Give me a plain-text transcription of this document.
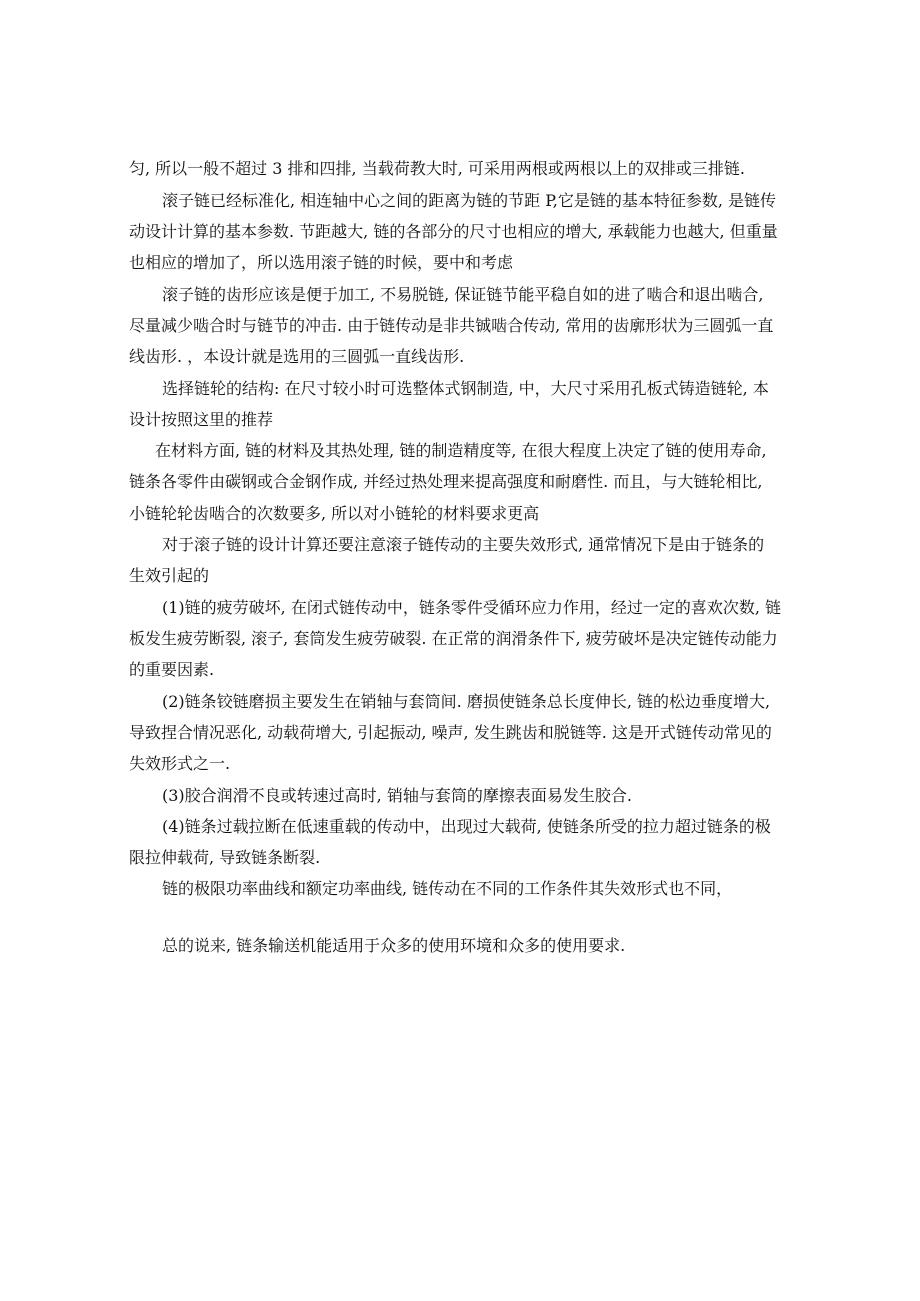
匀, 所以一般不超过 3 排和四排, 当载荷教大时, 可采用两根或两根以上的双排或三排链.
滚子链已经标准化, 相连轴中心之间的距离为链的节距 P,它是链的基本特征参数, 是链传
动设计计算的基本参数. 节距越大, 链的各部分的尺寸也相应的增大, 承载能力也越大, 但重量
也相应的增加了，所以选用滚子链的时候，要中和考虑
滚子链的齿形应该是便于加工, 不易脱链, 保证链节能平稳自如的进了啮合和退出啮合,
尽量减少啮合时与链节的冲击. 由于链传动是非共铖啮合传动, 常用的齿廓形状为三圆弧一直
线齿形. ，本设计就是选用的三圆弧一直线齿形.
选择链轮的结构: 在尺寸较小时可选整体式钢制造, 中，大尺寸采用孔板式铸造链轮, 本
设计按照这里的推荐
在材料方面, 链的材料及其热处理, 链的制造精度等, 在很大程度上决定了链的使用寿命,
链条各零件由碳钢或合金钢作成, 并经过热处理来提高强度和耐磨性. 而且，与大链轮相比,
小链轮轮齿啮合的次数要多, 所以对小链轮的材料要求更高
对于滚子链的设计计算还要注意滚子链传动的主要失效形式, 通常情况下是由于链条的
生效引起的
(1)链的疲劳破坏, 在闭式链传动中，链条零件受循环应力作用，经过一定的喜欢次数, 链
板发生疲劳断裂, 滚子, 套筒发生疲劳破裂. 在正常的润滑条件下, 疲劳破坏是决定链传动能力
的重要因素.
(2)链条铰链磨损主要发生在销轴与套筒间. 磨损使链条总长度伸长, 链的松边垂度增大,
导致捏合情况恶化, 动载荷增大, 引起振动, 噪声, 发生跳齿和脱链等. 这是开式链传动常见的
失效形式之一.
(3)胶合润滑不良或转速过高时, 销轴与套筒的摩擦表面易发生胶合.
(4)链条过载拉断在低速重载的传动中，出现过大载荷, 使链条所受的拉力超过链条的极
限拉伸载荷, 导致链条断裂.
链的极限功率曲线和额定功率曲线, 链传动在不同的工作条件其失效形式也不同，
总的说来, 链条输送机能适用于众多的使用环境和众多的使用要求.
